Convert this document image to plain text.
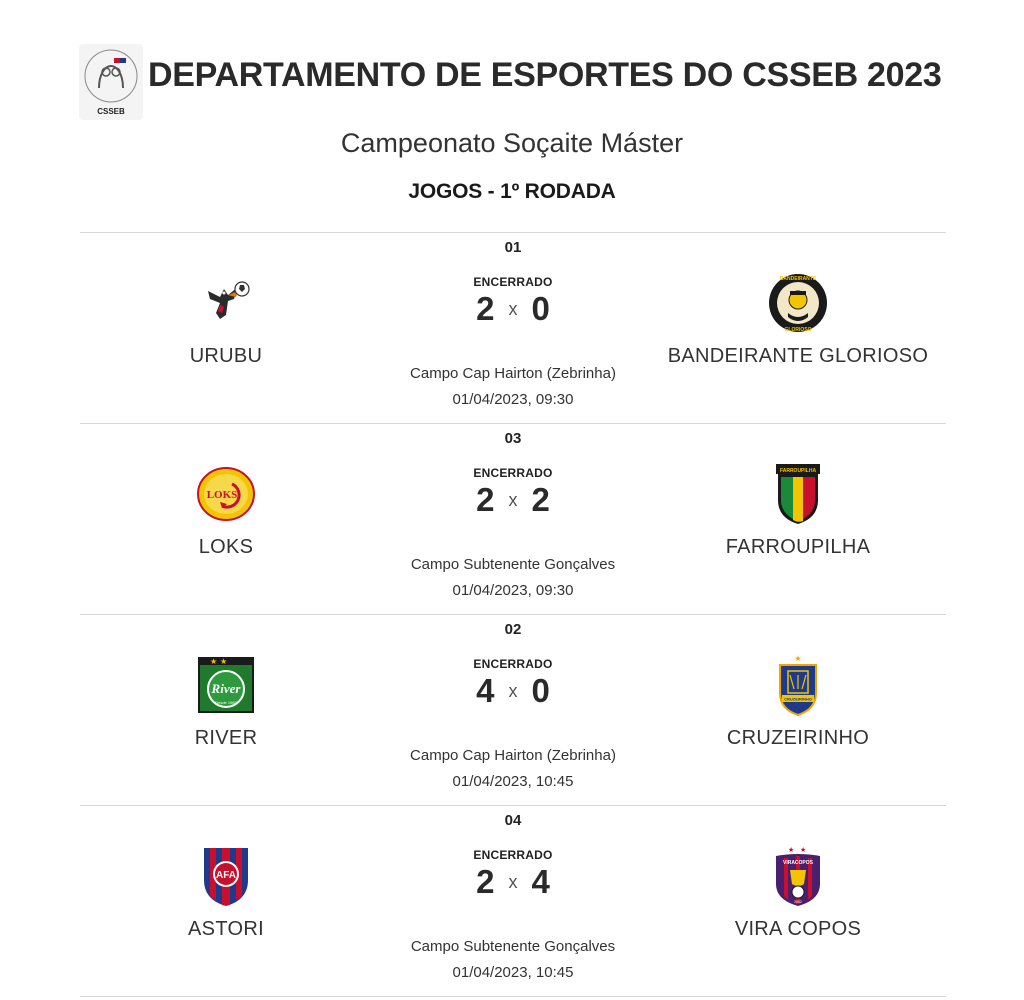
CSSEB
DEPARTAMENTO DE ESPORTES DO CSSEB 2023
Campeonato Soçaite Máster
JOGOS - 1º RODADA
01
URUBU
ENCERRADO
2 x 0
BANDEIRANTE
GLORIOSO
BANDEIRANTE GLORIOSO
Campo Cap Hairton (Zebrinha)
01/04/2023, 09:30
03
LOKS
LOKS
ENCERRADO
2 x 2
FARROUPILHA
FARROUPILHA
Campo Subtenente Gonçalves
01/04/2023, 09:30
02
★ ★
River
Desde 1987
RIVER
ENCERRADO
4 x 0
★
CRUZEIRINHO
CRUZEIRINHO
Campo Cap Hairton (Zebrinha)
01/04/2023, 10:45
04
AFA
ASTORI
ENCERRADO
2 x 4
★ ★
VIRACOPOS
2002
VIRA COPOS
Campo Subtenente Gonçalves
01/04/2023, 10:45
